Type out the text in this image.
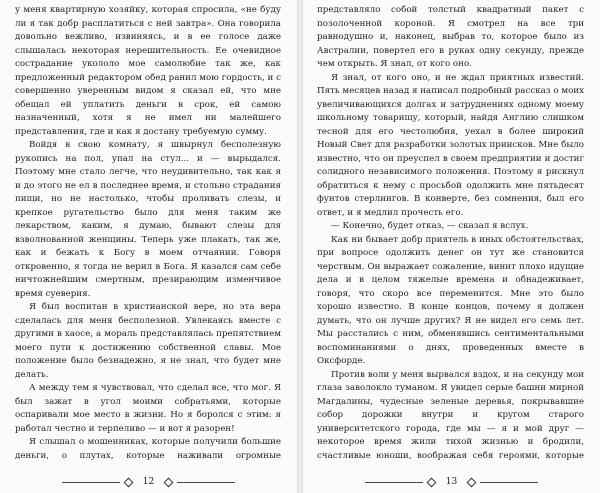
у меня квартирную хозяйку, которая спросила, «не буду ли я так добр расплатиться с ней завтра». Она говорила довольно вежливо, извиняясь, и в ее голосе даже слышалась некоторая нерешительность. Ее очевидное сострадание укололо мое самолюбие так же, как предложенный редактором обед ранил мою гордость, и с совершенно уверенным видом я сказал ей, что мне обещал ей уплатить деньги в срок, ей самою назначенный, хотя я не имел ни малейшего представления, где и как я достану требуемую сумму.

Войдя в свою комнату, я швырнул бесполезную рукопись на пол, упал на стул... и — вырыдался. Поэтому мне стало легче, что неудивительно, так как я и до этого не ел в последнее время, и стольно страдания пищи, но не настолько, чтобы проливать слезы, и крепкое ругательство было для меня таким же лекарством, каким, я думаю, бывают слезы для взволнованной женщины. Теперь уже плакать, так же, как и бежать к Богу в моем отчаянии. Говоря откровенно, я тогда не верил в Бога. Я казался сам себе ничтожнейшим смертным, презирающим изменчивое время суеверия.

Я был воспитан в христианской вере, но эта вера сделалась для меня бесполезной. Увлекаясь вместе с другими в хаосе, а мораль представлялась препятствием моего пути к достижению собственной славы. Мое положение было безнадежно, я не знал, что будет мне делать.

А между тем я чувствовал, что сделал все, что мог. Я был зажат в угол моими собратьями, которые оспаривали мое место в жизни. Но я боролся с этим: я работал честно и терпеливо — и вот я разорен!

Я слышал о мошенниках, которые получили большие деньги, о плутах, которые наживали огромные

12

представляло собой толстый квадратный пакет с позолоченной короной. Я смотрел на все три равнодушно и, наконец, выбрав то, которое было из Австралии, повертел его в руках одну секунду, прежде чем открыть. Я знал, от кого оно.

Я знал, от кого оно, и не ждал приятных известий. Пять месяцев назад я написал подробный рассказ о моих увеличивающихся долгах и затруднениях одному моему школьному товарищу, который, найдя Англию слишком тесной для его честолюбия, уехал в более широкий Новый Свет для разработки золотых приисков. Мне было известно, что он преуспел в своем предприятии и достиг солидного независимого положения. Поэтому я рискнул обратиться к нему с просьбой одолжить мне пятьдесят фунтов стерлингов. В конверте, без сомнения, был его ответ, и я медлил прочесть его.

— Конечно, будет отказ, — сказал я вслух.

Как ни бывает добр приятель в иных обстоятельствах, при вопросе одолжить денег он тут же становится черствым. Он выражает сожаление, винит плохо идущие дела и в целом тяжелые времена и обнадеживает, говоря, что скоро все переменится. Мне это было хорошо известно. В конце концов, почему я должен думать, что он лучше других? Я не видел его семь лет. Мы расстались с ним, обменявшись сентиментальными воспоминаниями о днях, проведенных вместе в Оксфорде.

Против воли у меня вырвался вздох, и на секунду мои глаза заволокло туманом. Я увидел серые башни мирной Магдалины, чудесные зеленые деревья, покрывавшие собор дорожки внутри и кругом старого университетского города, где мы — я и мой друг — некоторое время жили тихой жизнью и бродили, счастливые юноши, воображая себя героями, которые

13
